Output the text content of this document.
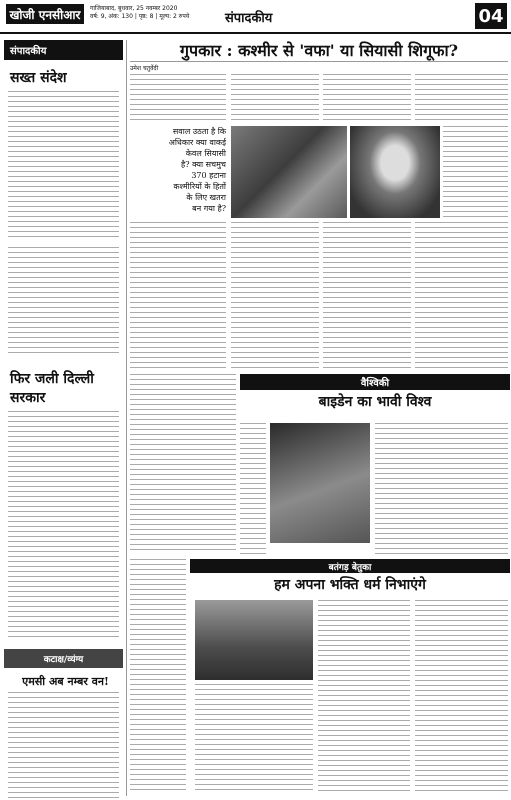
खोजी एनसीआर	गाजियाबाद, बुधवार, 25 नवम्बर 2020
वर्ष: 9, अंक: 130 | पृष्ठ: 8 | मूल्य: 2 रुपये	संपादकीय	04
संपादकीय
सख्त संदेश
फिर जली दिल्ली सरकार
कटाक्ष/व्यंग्य
एमसी अब नम्बर वन!
गुपकार : कश्मीर से 'वफा' या सियासी शिगूफा?
उमेश चतुर्वेदी
सवाल उठता है कि
अधिकार क्या वाकई
केवल सियासी
है? क्या सचमुच
370 हटाना
कश्मीरियों के हितों
के लिए खतरा
बन गया है?
वैश्विकी
बाइडेन का भावी विश्व
बतंगड़ बेतुका
हम अपना भक्ति धर्म निभाएंगे
